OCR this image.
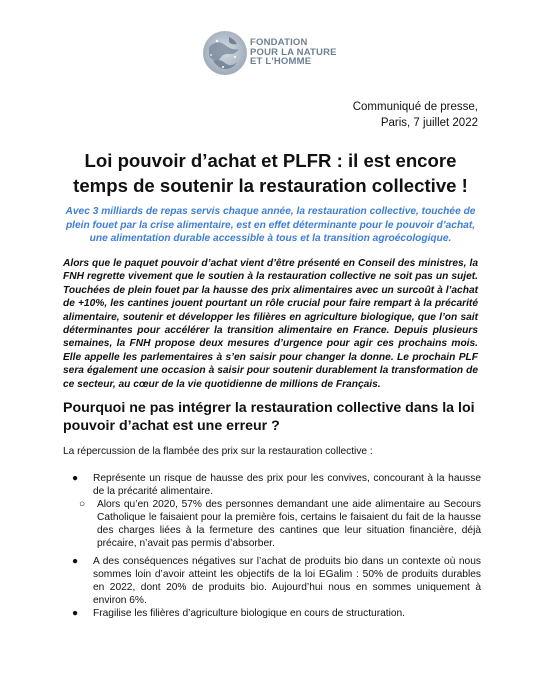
FONDATION
POUR LA NATURE
ET L'HOMME
Communiqué de presse,
Paris, 7 juillet 2022
Loi pouvoir d’achat et PLFR : il est encore temps de soutenir la restauration collective !
Avec 3 milliards de repas servis chaque année, la restauration collective, touchée de plein fouet par la crise alimentaire, est en effet déterminante pour le pouvoir d’achat, une alimentation durable accessible à tous et la transition agroécologique.
Alors que le paquet pouvoir d’achat vient d’être présenté en Conseil des ministres, la FNH regrette vivement que le soutien à la restauration collective ne soit pas un sujet. Touchées de plein fouet par la hausse des prix alimentaires avec un surcoût à l’achat de +10%, les cantines jouent pourtant un rôle crucial pour faire rempart à la précarité alimentaire, soutenir et développer les filières en agriculture biologique, que l’on sait déterminantes pour accélérer la transition alimentaire en France. Depuis plusieurs semaines, la FNH propose deux mesures d’urgence pour agir ces prochains mois. Elle appelle les parlementaires à s’en saisir pour changer la donne. Le prochain PLF sera également une occasion à saisir pour soutenir durablement la transformation de ce secteur, au cœur de la vie quotidienne de millions de Français.
Pourquoi ne pas intégrer la restauration collective dans la loi pouvoir d’achat est une erreur ?
La répercussion de la flambée des prix sur la restauration collective :
● Représente un risque de hausse des prix pour les convives, concourant à la hausse de la précarité alimentaire.
○ Alors qu’en 2020, 57% des personnes demandant une aide alimentaire au Secours Catholique le faisaient pour la première fois, certains le faisaient du fait de la hausse des charges liées à la fermeture des cantines que leur situation financière, déjà précaire, n’avait pas permis d’absorber.
● A des conséquences négatives sur l’achat de produits bio dans un contexte où nous sommes loin d’avoir atteint les objectifs de la loi EGalim : 50% de produits durables en 2022, dont 20% de produits bio. Aujourd’hui nous en sommes uniquement à environ 6%.
● Fragilise les filières d’agriculture biologique en cours de structuration.
